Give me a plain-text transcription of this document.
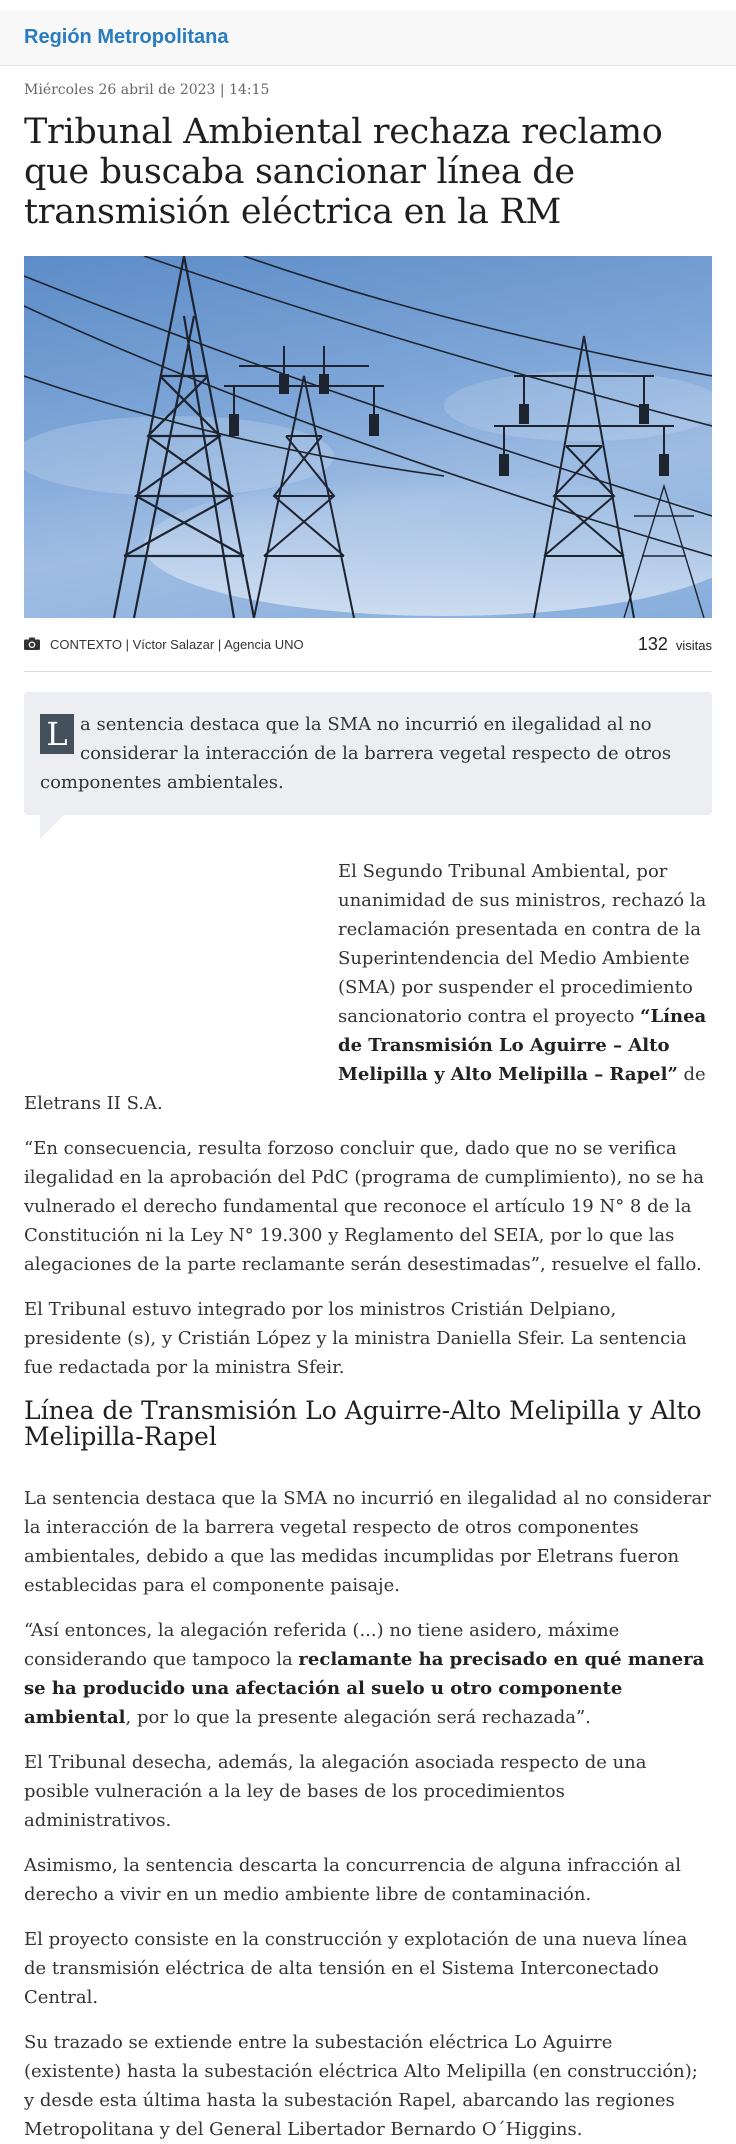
Región Metropolitana
Miércoles 26 abril de 2023 | 14:15
Tribunal Ambiental rechaza reclamo que buscaba sancionar línea de transmisión eléctrica en la RM
CONTEXTO | Víctor Salazar | Agencia UNO	132 visitas
L a sentencia destaca que la SMA no incurrió en ilegalidad al no considerar la interacción de la barrera vegetal respecto de otros componentes ambientales.

El Segundo Tribunal Ambiental, por unanimidad de sus ministros, rechazó la reclamación presentada en contra de la Superintendencia del Medio Ambiente (SMA) por suspender el procedimiento sancionatorio contra el proyecto “Línea de Transmisión Lo Aguirre – Alto Melipilla y Alto Melipilla – Rapel” de Eletrans II S.A.

“En consecuencia, resulta forzoso concluir que, dado que no se verifica ilegalidad en la aprobación del PdC (programa de cumplimiento), no se ha vulnerado el derecho fundamental que reconoce el artículo 19 N° 8 de la Constitución ni la Ley N° 19.300 y Reglamento del SEIA, por lo que las alegaciones de la parte reclamante serán desestimadas”, resuelve el fallo.

El Tribunal estuvo integrado por los ministros Cristián Delpiano, presidente (s), y Cristián López y la ministra Daniella Sfeir. La sentencia fue redactada por la ministra Sfeir.

Línea de Transmisión Lo Aguirre-Alto Melipilla y Alto Melipilla-Rapel

La sentencia destaca que la SMA no incurrió en ilegalidad al no considerar la interacción de la barrera vegetal respecto de otros componentes ambientales, debido a que las medidas incumplidas por Eletrans fueron establecidas para el componente paisaje.

“Así entonces, la alegación referida (...) no tiene asidero, máxime considerando que tampoco la reclamante ha precisado en qué manera se ha producido una afectación al suelo u otro componente ambiental, por lo que la presente alegación será rechazada”.

El Tribunal desecha, además, la alegación asociada respecto de una posible vulneración a la ley de bases de los procedimientos administrativos.

Asimismo, la sentencia descarta la concurrencia de alguna infracción al derecho a vivir en un medio ambiente libre de contaminación.

El proyecto consiste en la construcción y explotación de una nueva línea de transmisión eléctrica de alta tensión en el Sistema Interconectado Central.

Su trazado se extiende entre la subestación eléctrica Lo Aguirre (existente) hasta la subestación eléctrica Alto Melipilla (en construcción); y desde esta última hasta la subestación Rapel, abarcando las regiones Metropolitana y del General Libertador Bernardo O´Higgins.
